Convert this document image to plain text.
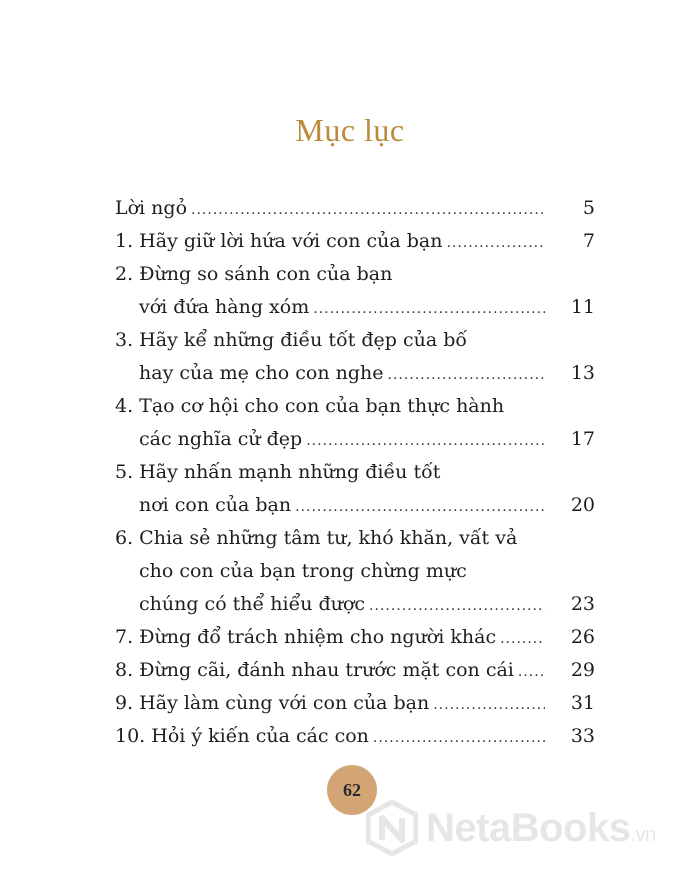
Mục lục
Lời ngỏ .....	5
1. Hãy giữ lời hứa với con của bạn .....	7
2. Đừng so sánh con của bạn
với đứa hàng xóm .....	11
3. Hãy kể những điều tốt đẹp của bố
hay của mẹ cho con nghe .....	13
4. Tạo cơ hội cho con của bạn thực hành
các nghĩa cử đẹp .....	17
5. Hãy nhấn mạnh những điều tốt
nơi con của bạn .....	20
6. Chia sẻ những tâm tư, khó khăn, vất vả
cho con của bạn trong chừng mực
chúng có thể hiểu được .....	23
7. Đừng đổ trách nhiệm cho người khác .....	26
8. Đừng cãi, đánh nhau trước mặt con cái .....	29
9. Hãy làm cùng với con của bạn .....	31
10. Hỏi ý kiến của các con .....	33
62
NetaBooks.vn
